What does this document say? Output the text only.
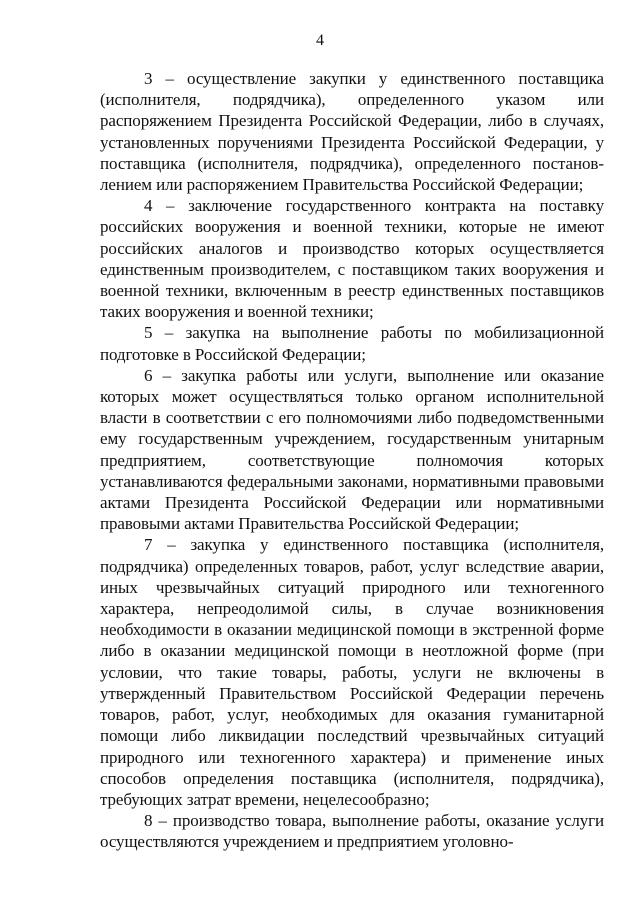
4

3 – осуществление закупки у единственного поставщика (исполнителя, подрядчика), определенного указом или распоряжением Президента Российской Федерации, либо в случаях, установленных поручениями Президента Российской Федерации, у поставщика (исполнителя, подрядчика), определенного постановлением или распоряжением Правительства Российской Федерации;

4 – заключение государственного контракта на поставку российских вооружения и военной техники, которые не имеют российских аналогов и производство которых осуществляется единственным производителем, с поставщиком таких вооружения и военной техники, включенным в реестр единственных поставщиков таких вооружения и военной техники;

5 – закупка на выполнение работы по мобилизационной подготовке в Российской Федерации;

6 – закупка работы или услуги, выполнение или оказание которых может осуществляться только органом исполнительной власти в соответствии с его полномочиями либо подведомственными ему государственным учреждением, государственным унитарным предприятием, соответствующие полномочия которых устанавливаются федеральными законами, нормативными правовыми актами Президента Российской Федерации или нормативными правовыми актами Правительства Российской Федерации;

7 – закупка у единственного поставщика (исполнителя, подрядчика) определенных товаров, работ, услуг вследствие аварии, иных чрезвычайных ситуаций природного или техногенного характера, непреодолимой силы, в случае возникновения необходимости в оказании медицинской помощи в экстренной форме либо в оказании медицинской помощи в неотложной форме (при условии, что такие товары, работы, услуги не включены в утвержденный Правительством Российской Федерации перечень товаров, работ, услуг, необходимых для оказания гуманитарной помощи либо ликвидации последствий чрезвычайных ситуаций природного или техногенного характера) и применение иных способов определения поставщика (исполнителя, подрядчика), требующих затрат времени, нецелесообразно;

8 – производство товара, выполнение работы, оказание услуги осуществляются учреждением и предприятием уголовно-
